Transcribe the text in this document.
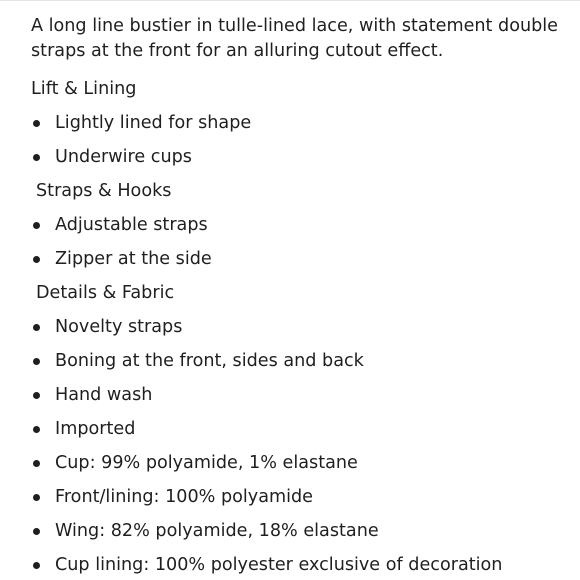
A long line bustier in tulle-lined lace, with statement double straps at the front for an alluring cutout effect.

Lift & Lining
Lightly lined for shape
Underwire cups
Straps & Hooks
Adjustable straps
Zipper at the side
Details & Fabric
Novelty straps
Boning at the front, sides and back
Hand wash
Imported
Cup: 99% polyamide, 1% elastane
Front/lining: 100% polyamide
Wing: 82% polyamide, 18% elastane
Cup lining: 100% polyester exclusive of decoration
